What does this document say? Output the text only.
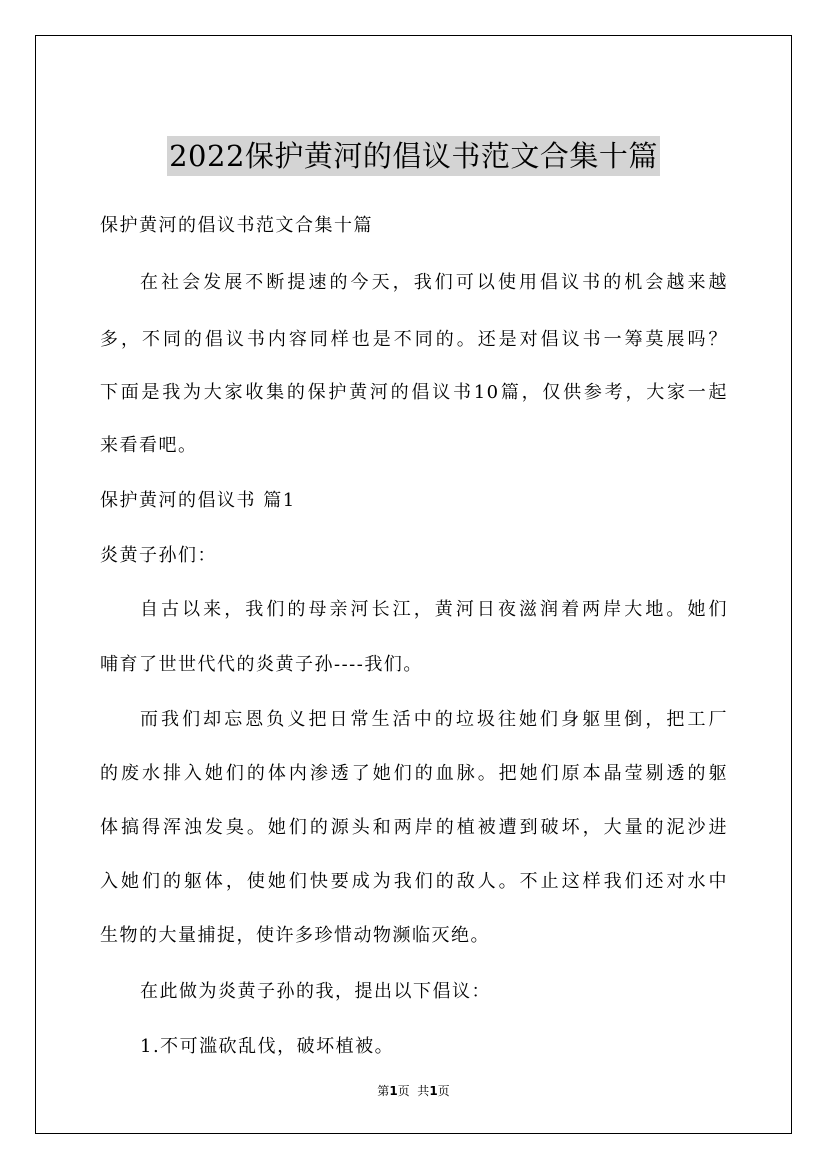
2022保护黄河的倡议书范文合集十篇
保护黄河的倡议书范文合集十篇
在社会发展不断提速的今天，我们可以使用倡议书的机会越来越
多，不同的倡议书内容同样也是不同的。还是对倡议书一筹莫展吗？
下面是我为大家收集的保护黄河的倡议书10篇，仅供参考，大家一起
来看看吧。
保护黄河的倡议书 篇1
炎黄子孙们：
自古以来，我们的母亲河长江，黄河日夜滋润着两岸大地。她们
哺育了世世代代的炎黄子孙----我们。
而我们却忘恩负义把日常生活中的垃圾往她们身躯里倒，把工厂
的废水排入她们的体内渗透了她们的血脉。把她们原本晶莹剔透的躯
体搞得浑浊发臭。她们的源头和两岸的植被遭到破坏，大量的泥沙进
入她们的躯体，使她们快要成为我们的敌人。不止这样我们还对水中
生物的大量捕捉，使许多珍惜动物濒临灭绝。
在此做为炎黄子孙的我，提出以下倡议：
1.不可滥砍乱伐，破坏植被。
第1页  共1页
